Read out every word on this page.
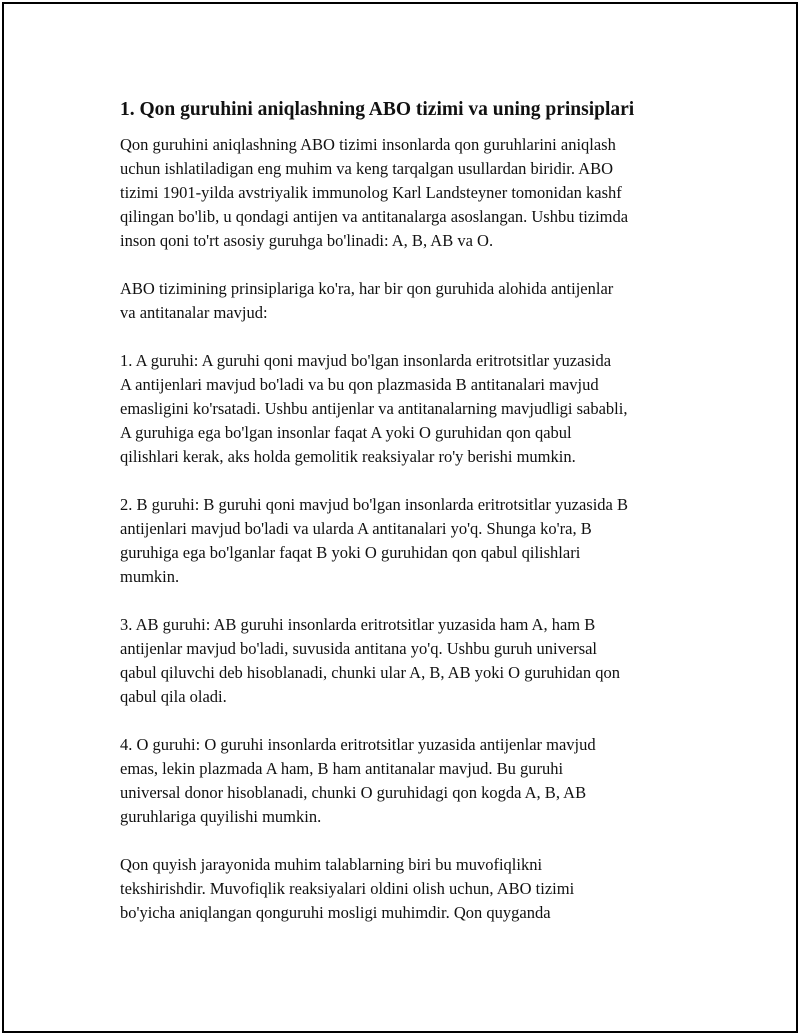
1. Qon guruhini aniqlashning ABO tizimi va uning prinsiplari

Qon guruhini aniqlashning ABO tizimi insonlarda qon guruhlarini aniqlash
uchun ishlatiladigan eng muhim va keng tarqalgan usullardan biridir. ABO
tizimi 1901-yilda avstriyalik immunolog Karl Landsteyner tomonidan kashf
qilingan bo'lib, u qondagi antijen va antitanalarga asoslangan. Ushbu tizimda
inson qoni to'rt asosiy guruhga bo'linadi: A, B, AB va O.

ABO tizimining prinsiplariga ko'ra, har bir qon guruhida alohida antijenlar
va antitanalar mavjud:

1. A guruhi: A guruhi qoni mavjud bo'lgan insonlarda eritrotsitlar yuzasida
A antijenlari mavjud bo'ladi va bu qon plazmasida B antitanalari mavjud
emasligini ko'rsatadi. Ushbu antijenlar va antitanalarning mavjudligi sababli,
A guruhiga ega bo'lgan insonlar faqat A yoki O guruhidan qon qabul
qilishlari kerak, aks holda gemolitik reaksiyalar ro'y berishi mumkin.

2. B guruhi: B guruhi qoni mavjud bo'lgan insonlarda eritrotsitlar yuzasida B
antijenlari mavjud bo'ladi va ularda A antitanalari yo'q. Shunga ko'ra, B
guruhiga ega bo'lganlar faqat B yoki O guruhidan qon qabul qilishlari
mumkin.

3. AB guruhi: AB guruhi insonlarda eritrotsitlar yuzasida ham A, ham B
antijenlar mavjud bo'ladi, suvusida antitana yo'q. Ushbu guruh universal
qabul qiluvchi deb hisoblanadi, chunki ular A, B, AB yoki O guruhidan qon
qabul qila oladi.

4. O guruhi: O guruhi insonlarda eritrotsitlar yuzasida antijenlar mavjud
emas, lekin plazmada A ham, B ham antitanalar mavjud. Bu guruhi
universal donor hisoblanadi, chunki O guruhidagi qon kogda A, B, AB
guruhlariga quyilishi mumkin.

Qon quyish jarayonida muhim talablarning biri bu muvofiqlikni
tekshirishdir. Muvofiqlik reaksiyalari oldini olish uchun, ABO tizimi
bo'yicha aniqlangan qonguruhi mosligi muhimdir. Qon quyganda
